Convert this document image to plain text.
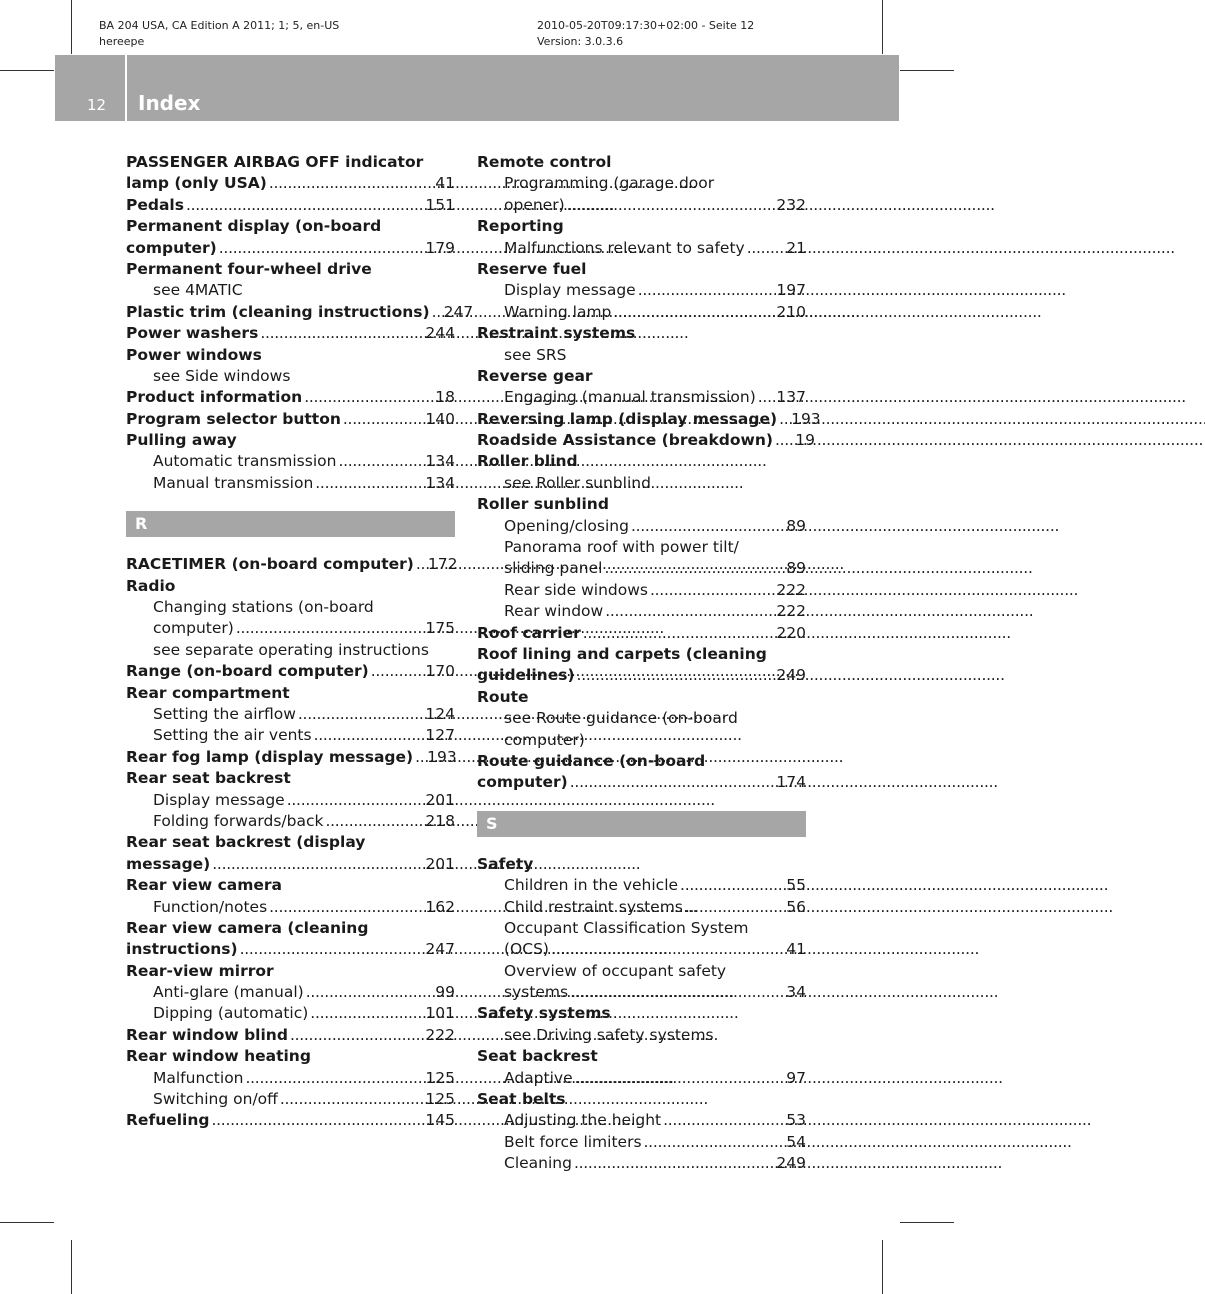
BA 204 USA, CA Edition A 2011; 1; 5, en-US
hereepe
2010-05-20T09:17:30+02:00 - Seite 12
Version: 3.0.3.6
12 Index
PASSENGER AIRBAG OFF indicator
lamp (only USA) . . .	41
Pedals . . .	151
Permanent display (on-board
computer) . . .	179
Permanent four-wheel drive
see 4MATIC
Plastic trim (cleaning instructions) . . . 247
Power washers . . .	244
Power windows
see Side windows
Product information . . .	18
Program selector button . . .	140
Pulling away
Automatic transmission . . .	134
Manual transmission . . .	134
R
RACETIMER (on-board computer) . . . 172
Radio
Changing stations (on-board
computer) . . .	175
see separate operating instructions
Range (on-board computer) . . .	170
Rear compartment
Setting the airflow . . .	124
Setting the air vents . . .	127
Rear fog lamp (display message) . . . 193
Rear seat backrest
Display message . . .	201
Folding forwards/back . . .	218
Rear seat backrest (display
message) . . .	201
Rear view camera
Function/notes . . .	162
Rear view camera (cleaning
instructions) . . .	247
Rear-view mirror
Anti-glare (manual) . . .	99
Dipping (automatic) . . .	101
Rear window blind . . .	222
Rear window heating
Malfunction . . .	125
Switching on/off . . .	125
Refueling . . .	145
Remote control
Programming (garage door
opener) . . .	232
Reporting
Malfunctions relevant to safety . . .	21
Reserve fuel
Display message . . .	197
Warning lamp . . .	210
Restraint systems
see SRS
Reverse gear
Engaging (manual transmission) . . . 137
Reversing lamp (display message) . . . 193
Roadside Assistance (breakdown) . . .	19
Roller blind
see Roller sunblind
Roller sunblind
Opening/closing . . .	89
Panorama roof with power tilt/
sliding panel . . .	89
Rear side windows . . .	222
Rear window . . .	222
Roof carrier . . .	220
Roof lining and carpets (cleaning
guidelines) . . .	249
Route
see Route guidance (on-board
computer)
Route guidance (on-board
computer) . . .	174
S
Safety
Children in the vehicle . . .	55
Child restraint systems . . .	56
Occupant Classification System
(OCS) . . .	41
Overview of occupant safety
systems . . .	34
Safety systems
see Driving safety systems
Seat backrest
Adaptive . . .	97
Seat belts
Adjusting the height . . .	53
Belt force limiters . . .	54
Cleaning . . .	249
